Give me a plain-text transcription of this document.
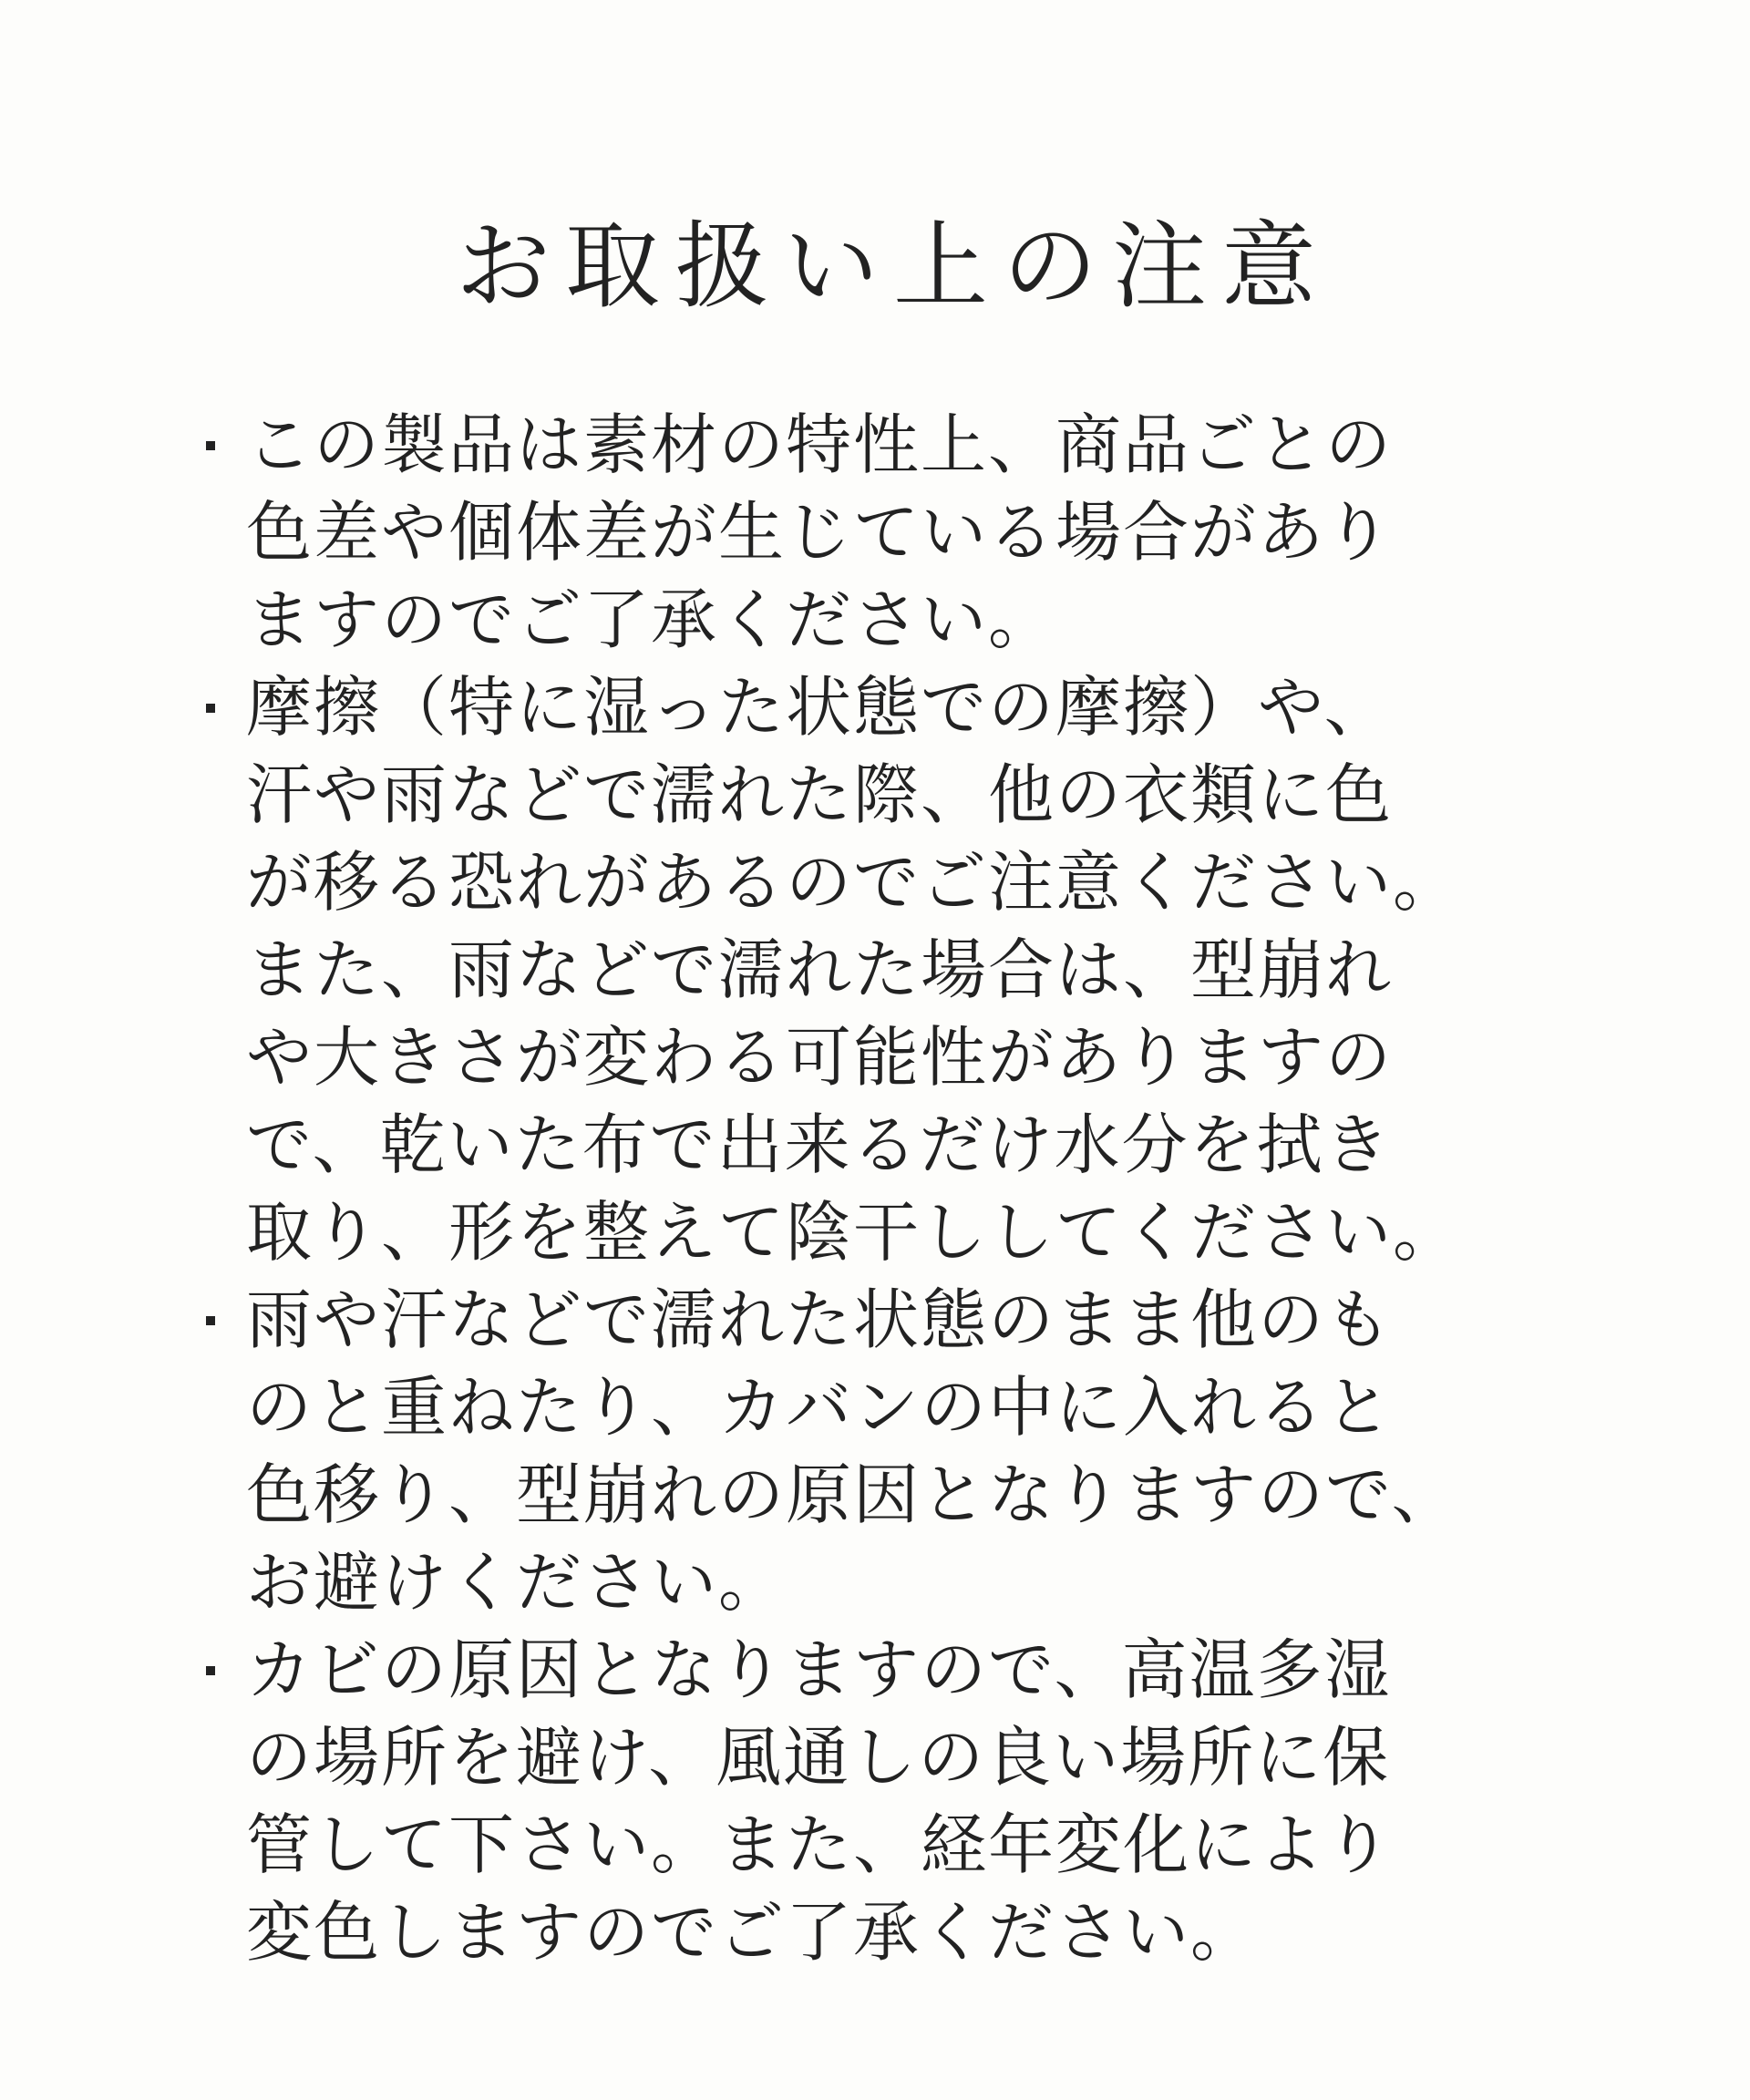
お取扱い上の注意
この製品は素材の特性上、商品ごとの
色差や個体差が生じている場合があり
ますのでご了承ください。
摩擦（特に湿った状態での摩擦）や、
汗や雨などで濡れた際、他の衣類に色
が移る恐れがあるのでご注意ください。
また、雨などで濡れた場合は、型崩れ
や大きさが変わる可能性がありますの
で、乾いた布で出来るだけ水分を拭き
取り、形を整えて陰干ししてください。
雨や汗などで濡れた状態のまま他のも
のと重ねたり、カバンの中に入れると
色移り、型崩れの原因となりますので、
お避けください。
カビの原因となりますので、高温多湿
の場所を避け、風通しの良い場所に保
管して下さい。また、経年変化により
変色しますのでご了承ください。
